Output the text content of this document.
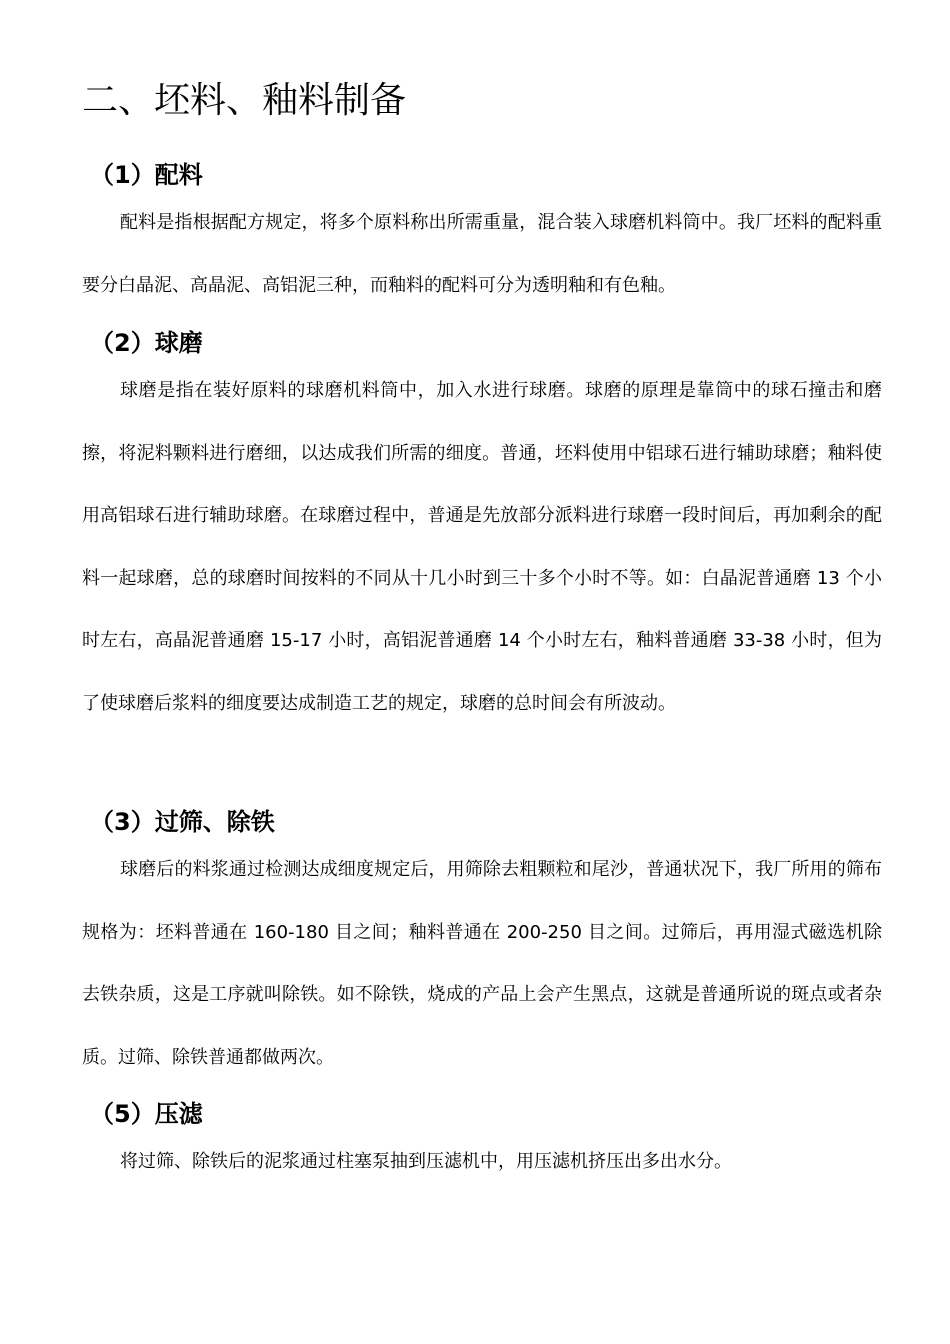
二、坯料、釉料制备
（1）配料

配料是指根据配方规定，将多个原料称出所需重量，混合装入球磨机料筒中。我厂坯料的配料重要分白晶泥、高晶泥、高铝泥三种，而釉料的配料可分为透明釉和有色釉。

（2）球磨

球磨是指在装好原料的球磨机料筒中，加入水进行球磨。球磨的原理是靠筒中的球石撞击和磨擦，将泥料颗料进行磨细，以达成我们所需的细度。普通，坯料使用中铝球石进行辅助球磨；釉料使用高铝球石进行辅助球磨。在球磨过程中，普通是先放部分派料进行球磨一段时间后，再加剩余的配料一起球磨，总的球磨时间按料的不同从十几小时到三十多个小时不等。如：白晶泥普通磨 13 个小时左右，高晶泥普通磨 15-17 小时，高铝泥普通磨 14 个小时左右，釉料普通磨 33-38 小时，但为了使球磨后浆料的细度要达成制造工艺的规定，球磨的总时间会有所波动。

（3）过筛、除铁

球磨后的料浆通过检测达成细度规定后，用筛除去粗颗粒和尾沙，普通状况下，我厂所用的筛布规格为：坯料普通在 160-180 目之间；釉料普通在 200-250 目之间。过筛后，再用湿式磁选机除去铁杂质，这是工序就叫除铁。如不除铁，烧成的产品上会产生黑点，这就是普通所说的斑点或者杂质。过筛、除铁普通都做两次。

（5）压滤

将过筛、除铁后的泥浆通过柱塞泵抽到压滤机中，用压滤机挤压出多出水分。
